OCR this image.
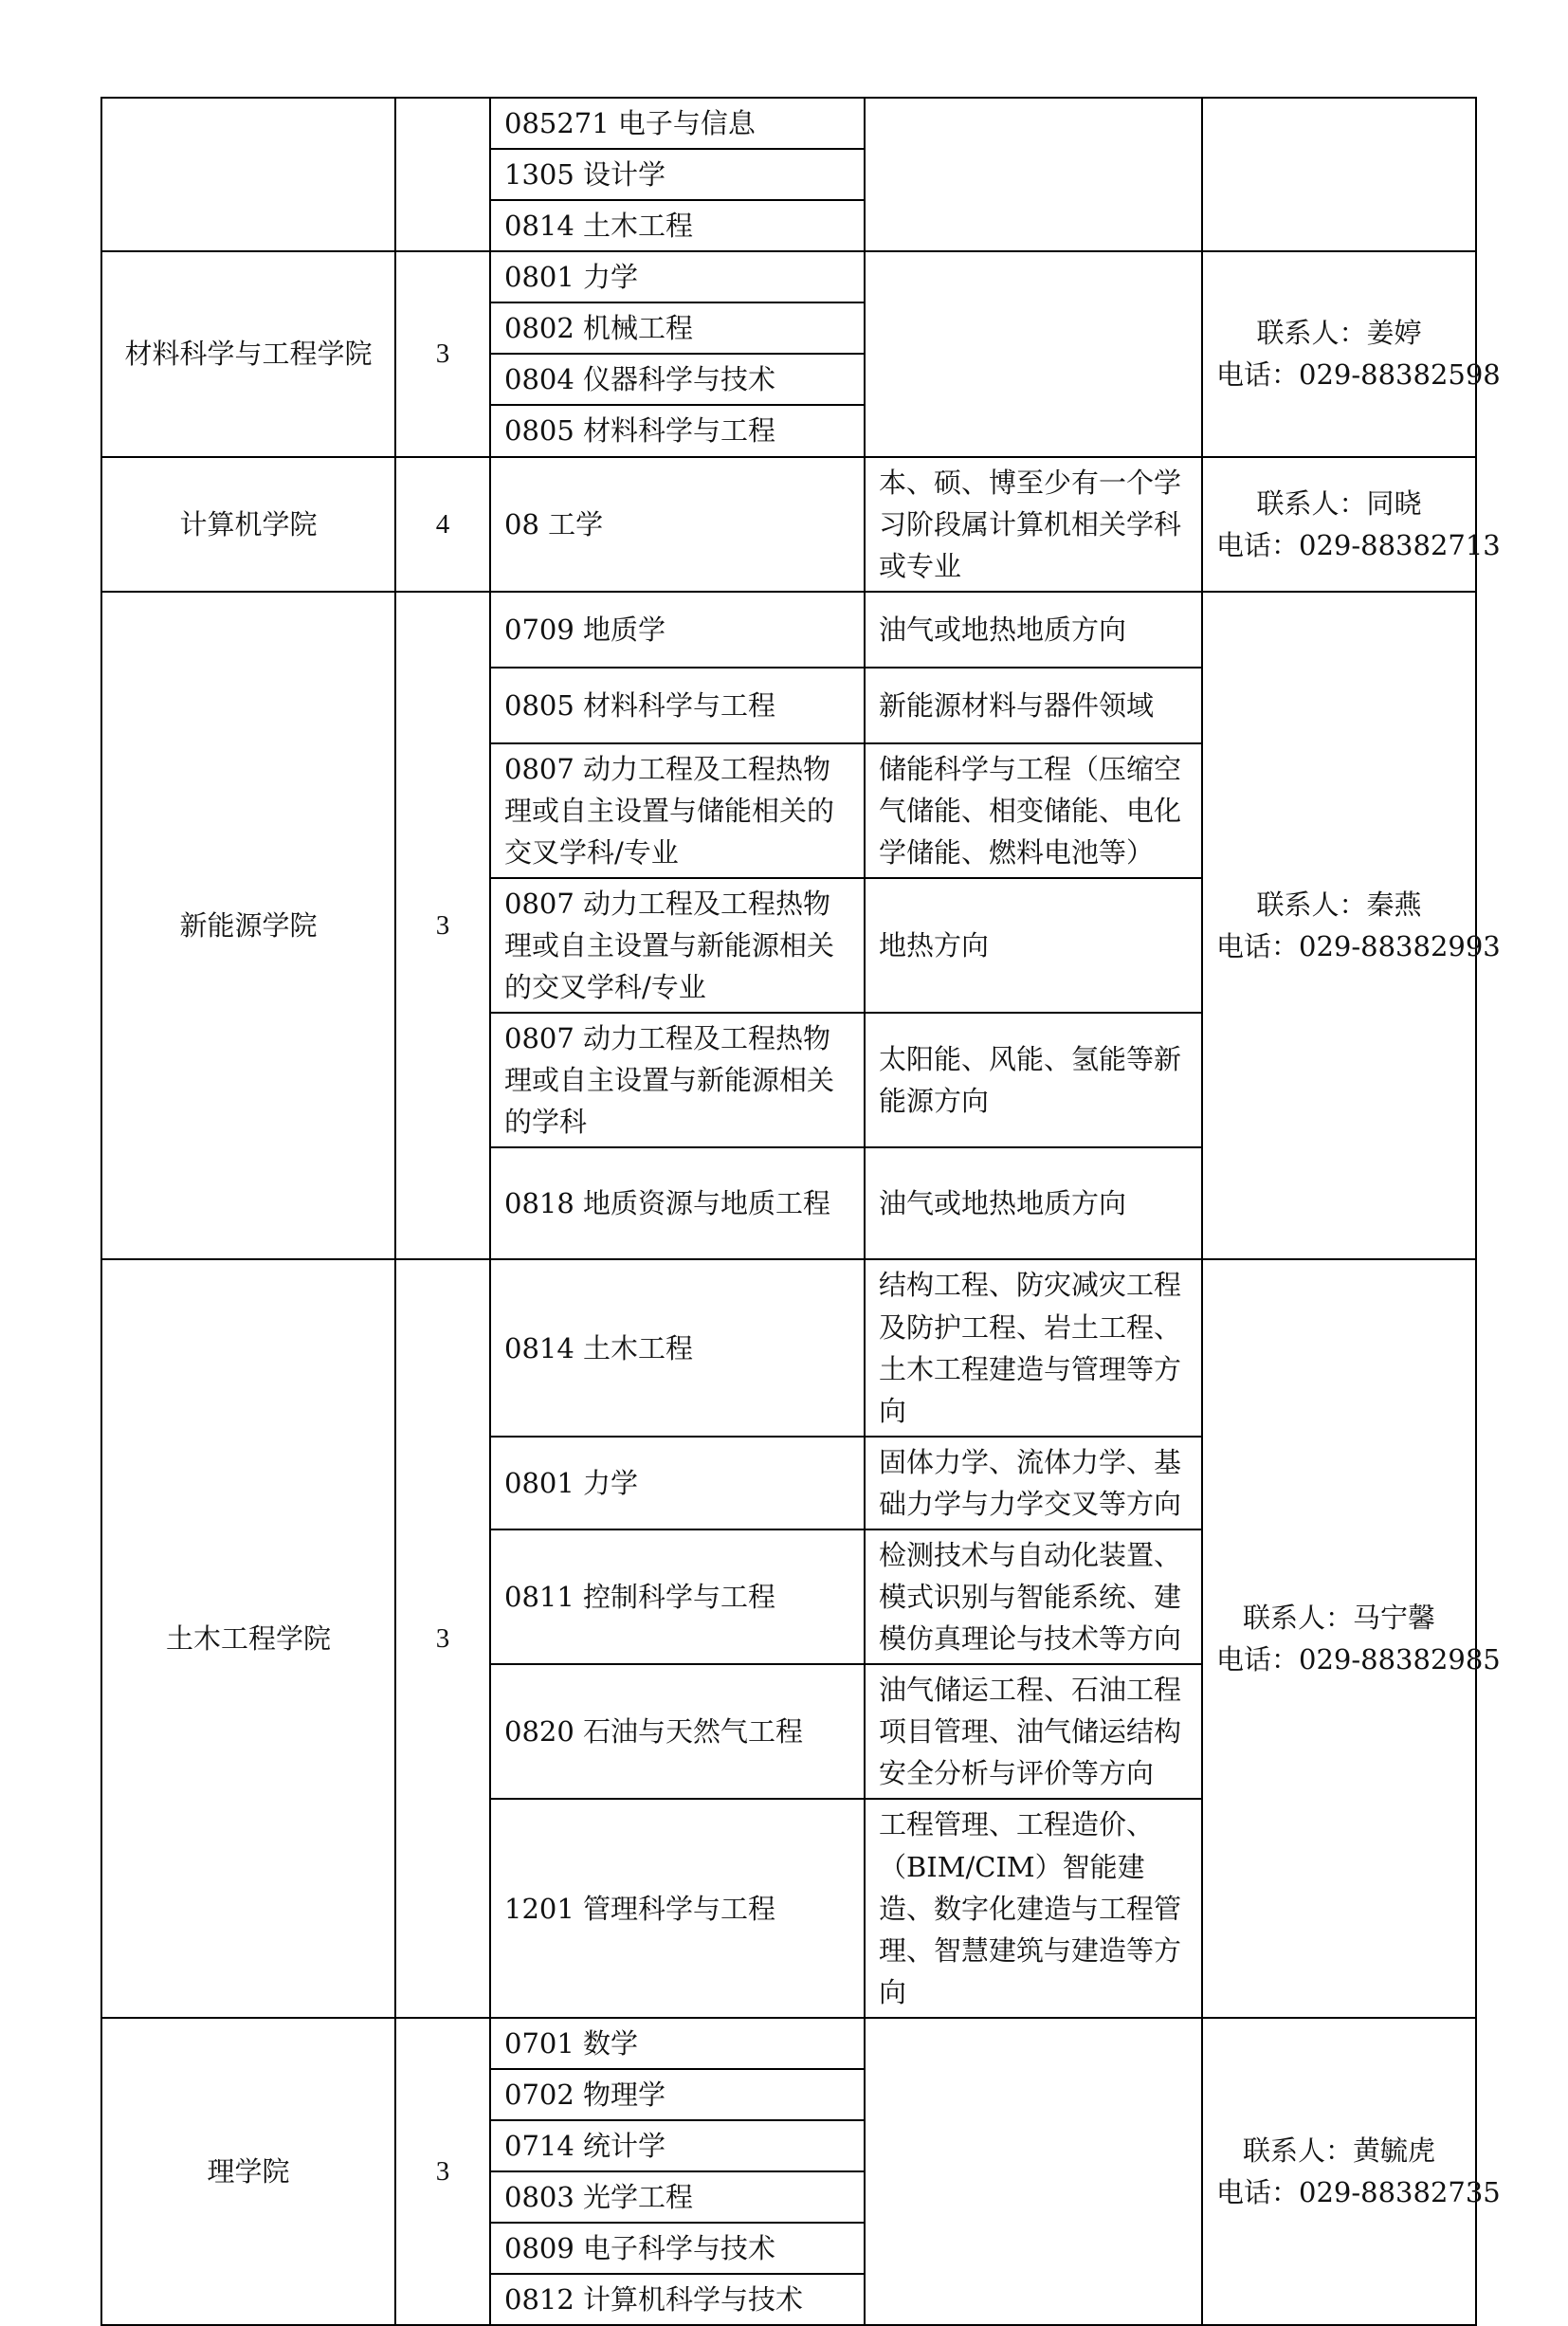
		085271 电子与信息		
		1305 设计学		
		0814 土木工程		
材料科学与工程学院	3	0801 力学		联系人：姜婷
电话：029-88382598

		0802 机械工程		
		0804 仪器科学与技术		
		0805 材料科学与工程		
计算机学院	4	08 工学	本、硕、博至少有一个学习阶段属计算机相关学科或专业	联系人：同晓
电话：029-88382713

新能源学院	3	0709 地质学	油气或地热地质方向	联系人：秦燕
电话：029-88382993

		0805 材料科学与工程	新能源材料与器件领域	
		0807 动力工程及工程热物理或自主设置与储能相关的交叉学科/专业	储能科学与工程（压缩空气储能、相变储能、电化学储能、燃料电池等）	
		0807 动力工程及工程热物理或自主设置与新能源相关的交叉学科/专业	地热方向	
		0807 动力工程及工程热物理或自主设置与新能源相关的学科	太阳能、风能、氢能等新能源方向	
		0818 地质资源与地质工程	油气或地热地质方向	
土木工程学院	3	0814 土木工程	结构工程、防灾减灾工程及防护工程、岩土工程、土木工程建造与管理等方向	联系人：马宁馨
电话：029-88382985

		0801 力学	固体力学、流体力学、基础力学与力学交叉等方向	
		0811 控制科学与工程	检测技术与自动化装置、模式识别与智能系统、建模仿真理论与技术等方向	
		0820 石油与天然气工程	油气储运工程、石油工程项目管理、油气储运结构安全分析与评价等方向	
		1201 管理科学与工程	工程管理、工程造价、（BIM/CIM）智能建造、数字化建造与工程管理、智慧建筑与建造等方向	
理学院	3	0701 数学		联系人：黄毓虎
电话：029-88382735

		0702 物理学		
		0714 统计学		
		0803 光学工程		
		0809 电子科学与技术		
		0812 计算机科学与技术		
